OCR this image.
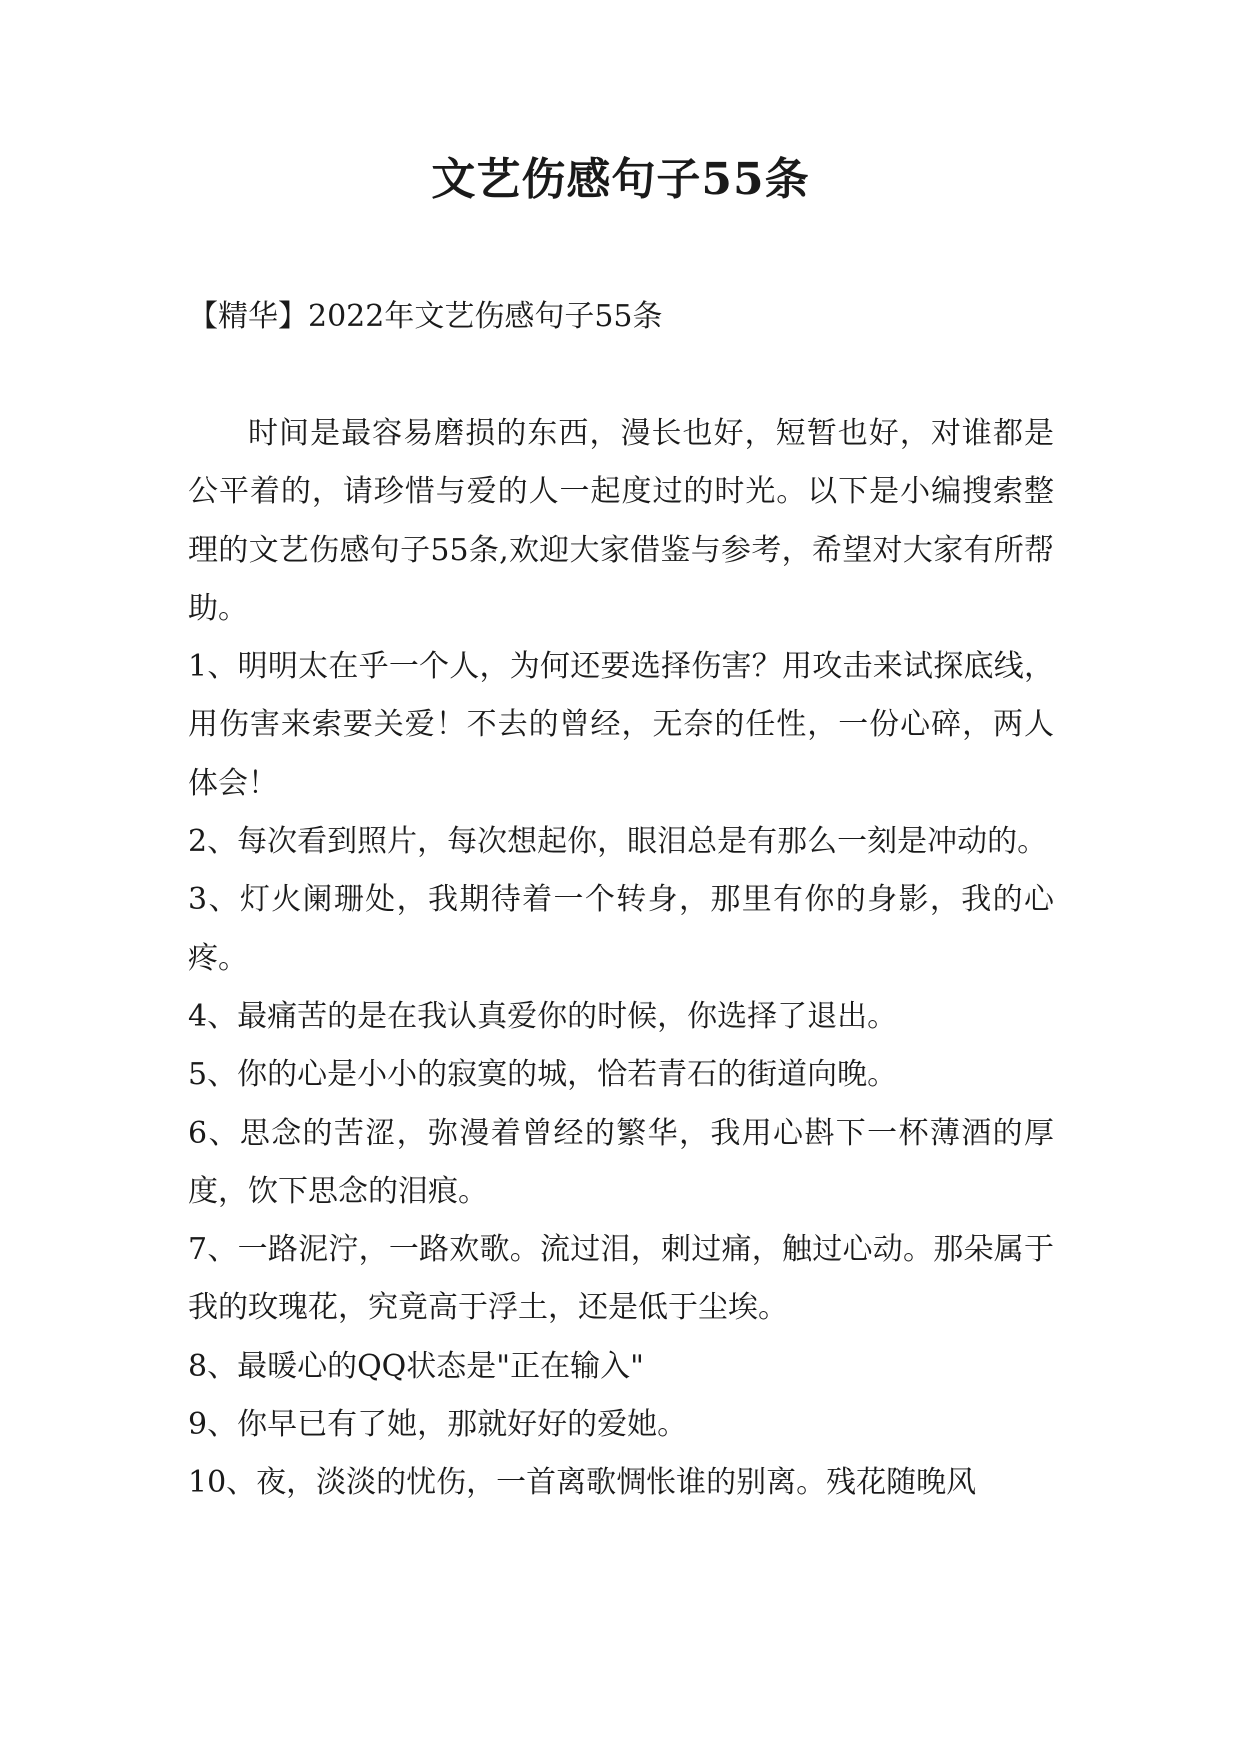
文艺伤感句子55条
【精华】2022年文艺伤感句子55条

时间是最容易磨损的东西，漫长也好，短暂也好，对谁都是公平着的，请珍惜与爱的人一起度过的时光。以下是小编搜索整理的文艺伤感句子55条,欢迎大家借鉴与参考，希望对大家有所帮助。

1、明明太在乎一个人，为何还要选择伤害？用攻击来试探底线，用伤害来索要关爱！不去的曾经，无奈的任性，一份心碎，两人体会！

2、每次看到照片，每次想起你，眼泪总是有那么一刻是冲动的。

3、灯火阑珊处，我期待着一个转身，那里有你的身影，我的心疼。

4、最痛苦的是在我认真爱你的时候，你选择了退出。

5、你的心是小小的寂寞的城，恰若青石的街道向晚。

6、思念的苦涩，弥漫着曾经的繁华，我用心斟下一杯薄酒的厚度，饮下思念的泪痕。

7、一路泥泞，一路欢歌。流过泪，刺过痛，触过心动。那朵属于我的玫瑰花，究竟高于浮土，还是低于尘埃。

8、最暖心的QQ状态是"正在输入"

9、你早已有了她，那就好好的爱她。

10、夜，淡淡的忧伤，一首离歌惆怅谁的别离。残花随晚风
